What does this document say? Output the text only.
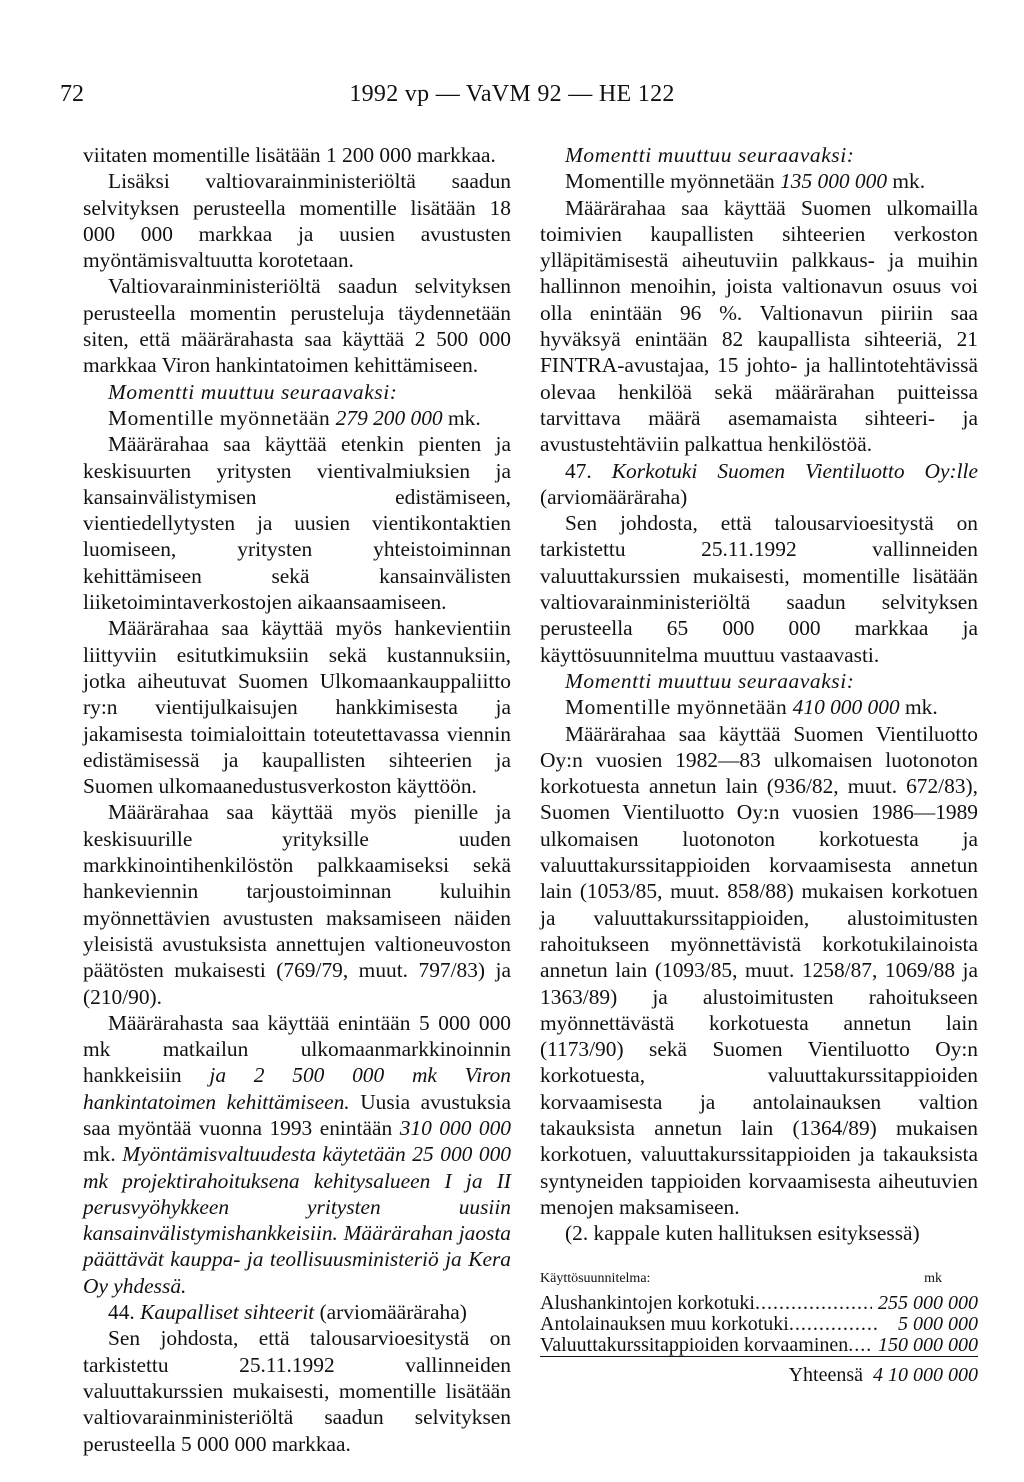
72	1992 vp — VaVM 92 — HE 122

viitaten momentille lisätään 1 200 000 markkaa.

Lisäksi valtiovarainministeriöltä saadun selvityksen perusteella momentille lisätään 18 000 000 markkaa ja uusien avustusten myöntämisvaltuutta korotetaan.

Valtiovarainministeriöltä saadun selvityksen perusteella momentin perusteluja täydennetään siten, että määrärahasta saa käyttää 2 500 000 markkaa Viron hankintatoimen kehittämiseen.

Momentti muuttuu seuraavaksi:

Momentille myönnetään 279 200 000 mk.

Määrärahaa saa käyttää etenkin pienten ja keskisuurten yritysten vientivalmiuksien ja kansainvälistymisen edistämiseen, vientiedellytysten ja uusien vientikontaktien luomiseen, yritysten yhteistoiminnan kehittämiseen sekä kansainvälisten liiketoimintaverkostojen aikaansaamiseen.

Määrärahaa saa käyttää myös hankevientiin liittyviin esitutkimuksiin sekä kustannuksiin, jotka aiheutuvat Suomen Ulkomaankauppaliitto ry:n vientijulkaisujen hankkimisesta ja jakamisesta toimialoittain toteutettavassa viennin edistämisessä ja kaupallisten sihteerien ja Suomen ulkomaanedustusverkoston käyttöön.

Määrärahaa saa käyttää myös pienille ja keskisuurille yrityksille uuden markkinointihenkilöstön palkkaamiseksi sekä hankeviennin tarjoustoiminnan kuluihin myönnettävien avustusten maksamiseen näiden yleisistä avustuksista annettujen valtioneuvoston päätösten mukaisesti (769/79, muut. 797/83) ja (210/90).

Määrärahasta saa käyttää enintään 5 000 000 mk matkailun ulkomaanmarkkinoinnin hankkeisiin ja 2 500 000 mk Viron hankintatoimen kehittämiseen. Uusia avustuksia saa myöntää vuonna 1993 enintään 310 000 000 mk. Myöntämisvaltuudesta käytetään 25 000 000 mk projektirahoituksena kehitysalueen I ja II perusvyöhykkeen yritysten uusiin kansainvälistymishankkeisiin. Määrärahan jaosta päättävät kauppa- ja teollisuusministeriö ja Kera Oy yhdessä.

44. Kaupalliset sihteerit (arviomääräraha)

Sen johdosta, että talousarvioesitystä on tarkistettu 25.11.1992 vallinneiden valuuttakurssien mukaisesti, momentille lisätään valtiovarainministeriöltä saadun selvityksen perusteella 5 000 000 markkaa.

Momentti muuttuu seuraavaksi:

Momentille myönnetään 135 000 000 mk.

Määrärahaa saa käyttää Suomen ulkomailla toimivien kaupallisten sihteerien verkoston ylläpitämisestä aiheutuviin palkkaus- ja muihin hallinnon menoihin, joista valtionavun osuus voi olla enintään 96 %. Valtionavun piiriin saa hyväksyä enintään 82 kaupallista sihteeriä, 21 FINTRA-avustajaa, 15 johto- ja hallintotehtävissä olevaa henkilöä sekä määrärahan puitteissa tarvittava määrä asemamaista sihteeri- ja avustustehtäviin palkattua henkilöstöä.

47. Korkotuki Suomen Vientiluotto Oy:lle (arviomääräraha)

Sen johdosta, että talousarvioesitystä on tarkistettu 25.11.1992 vallinneiden valuuttakurssien mukaisesti, momentille lisätään valtiovarainministeriöltä saadun selvityksen perusteella 65 000 000 markkaa ja käyttösuunnitelma muuttuu vastaavasti.

Momentti muuttuu seuraavaksi:

Momentille myönnetään 410 000 000 mk.

Määrärahaa saa käyttää Suomen Vientiluotto Oy:n vuosien 1982—83 ulkomaisen luotonoton korkotuesta annetun lain (936/82, muut. 672/83), Suomen Vientiluotto Oy:n vuosien 1986—1989 ulkomaisen luotonoton korkotuesta ja valuuttakurssitappioiden korvaamisesta annetun lain (1053/85, muut. 858/88) mukaisen korkotuen ja valuuttakurssitappioiden, alustoimitusten rahoitukseen myönnettävistä korkotukilainoista annetun lain (1093/85, muut. 1258/87, 1069/88 ja 1363/89) ja alustoimitusten rahoitukseen myönnettävästä korkotuesta annetun lain (1173/90) sekä Suomen Vientiluotto Oy:n korkotuesta, valuuttakurssitappioiden korvaamisesta ja antolainauksen valtion takauksista annetun lain (1364/89) mukaisen korkotuen, valuuttakurssitappioiden ja takauksista syntyneiden tappioiden korvaamisesta aiheutuvien menojen maksamiseen.

(2. kappale kuten hallituksen esityksessä)

Käyttösuunnitelma:	mk
Alushankintojen korkotuki .....	255 000 000
Antolainauksen muu korkotuki .....	5 000 000
Valuuttakurssitappioiden korvaaminen .....	150 000 000
Yhteensä 4 10 000 000
